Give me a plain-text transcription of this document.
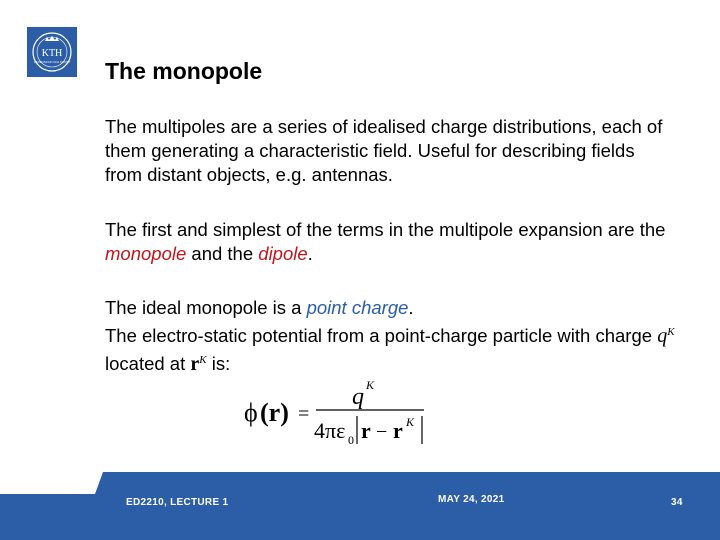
KTH
VETENSKAP OCH KONST The monopole

The multipoles are a series of idealised charge distributions, each of them generating a characteristic field. Useful for describing fields from distant objects, e.g. antennas.

The first and simplest of the terms in the multipole expansion are the monopole and the dipole.

The ideal monopole is a point charge.
The electro-static potential from a point-charge particle with charge $q^K$ located at $r^K$ is:

ϕ (r) =
q K
4πε 0 r − r K

ED2210, LECTURE 1	MAY 24, 2021	34
